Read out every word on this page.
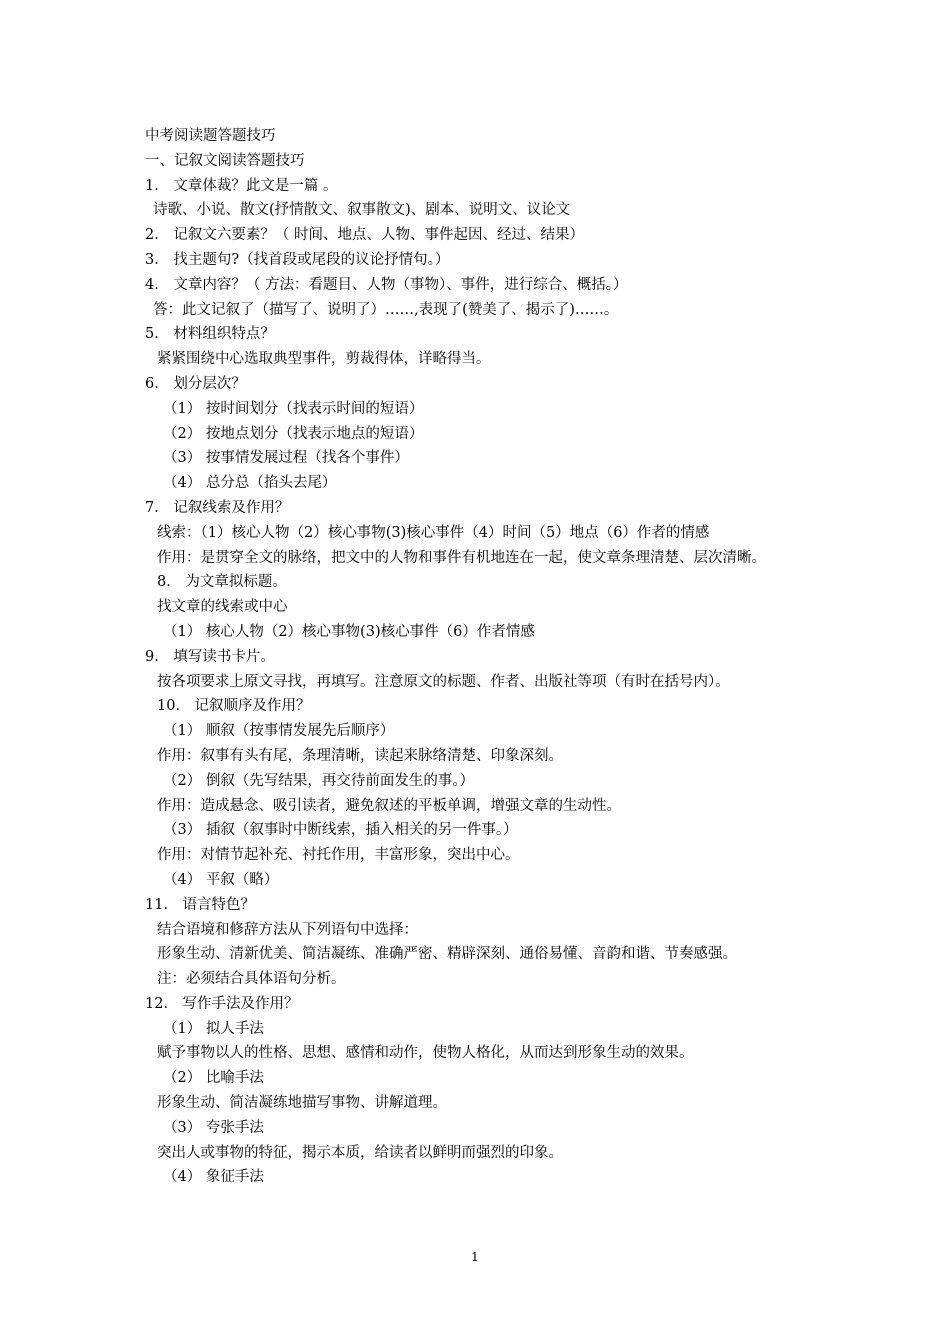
中考阅读题答题技巧
一、记叙文阅读答题技巧
1． 文章体裁？此文是一篇 。
诗歌、小说、散文(抒情散文、叙事散文)、剧本、说明文、议论文
2． 记叙文六要素？（ 时间、地点、人物、事件起因、经过、结果）
3． 找主题句?（找首段或尾段的议论抒情句。）
4． 文章内容？（ 方法：看题目、人物（事物）、事件，进行综合、概括。）
答：此文记叙了（描写了、说明了）……,表现了(赞美了、揭示了)……。
5． 材料组织特点？
紧紧围绕中心选取典型事件，剪裁得体，详略得当。
6． 划分层次？
（1） 按时间划分（找表示时间的短语）
（2） 按地点划分（找表示地点的短语）
（3） 按事情发展过程（找各个事件）
（4） 总分总（掐头去尾）
7． 记叙线索及作用？
线索：（1）核心人物（2）核心事物(3)核心事件（4）时间（5）地点（6）作者的情感
作用：是贯穿全文的脉络，把文中的人物和事件有机地连在一起，使文章条理清楚、层次清晰。
8． 为文章拟标题。
找文章的线索或中心
（1） 核心人物（2）核心事物(3)核心事件（6）作者情感
9． 填写读书卡片。
按各项要求上原文寻找，再填写。注意原文的标题、作者、出版社等项（有时在括号内）。
10． 记叙顺序及作用？
（1） 顺叙（按事情发展先后顺序）
作用：叙事有头有尾，条理清晰，读起来脉络清楚、印象深刻。
（2） 倒叙（先写结果，再交待前面发生的事。）
作用：造成悬念、吸引读者，避免叙述的平板单调，增强文章的生动性。
（3） 插叙（叙事时中断线索，插入相关的另一件事。）
作用：对情节起补充、衬托作用，丰富形象，突出中心。
（4） 平叙（略）
11． 语言特色？
结合语境和修辞方法从下列语句中选择：
形象生动、清新优美、简洁凝练、准确严密、精辟深刻、通俗易懂、音韵和谐、节奏感强。
注：必须结合具体语句分析。
12． 写作手法及作用？
（1） 拟人手法
赋予事物以人的性格、思想、感情和动作，使物人格化，从而达到形象生动的效果。
（2） 比喻手法
形象生动、简洁凝练地描写事物、讲解道理。
（3） 夸张手法
突出人或事物的特征，揭示本质，给读者以鲜明而强烈的印象。
（4） 象征手法
1
